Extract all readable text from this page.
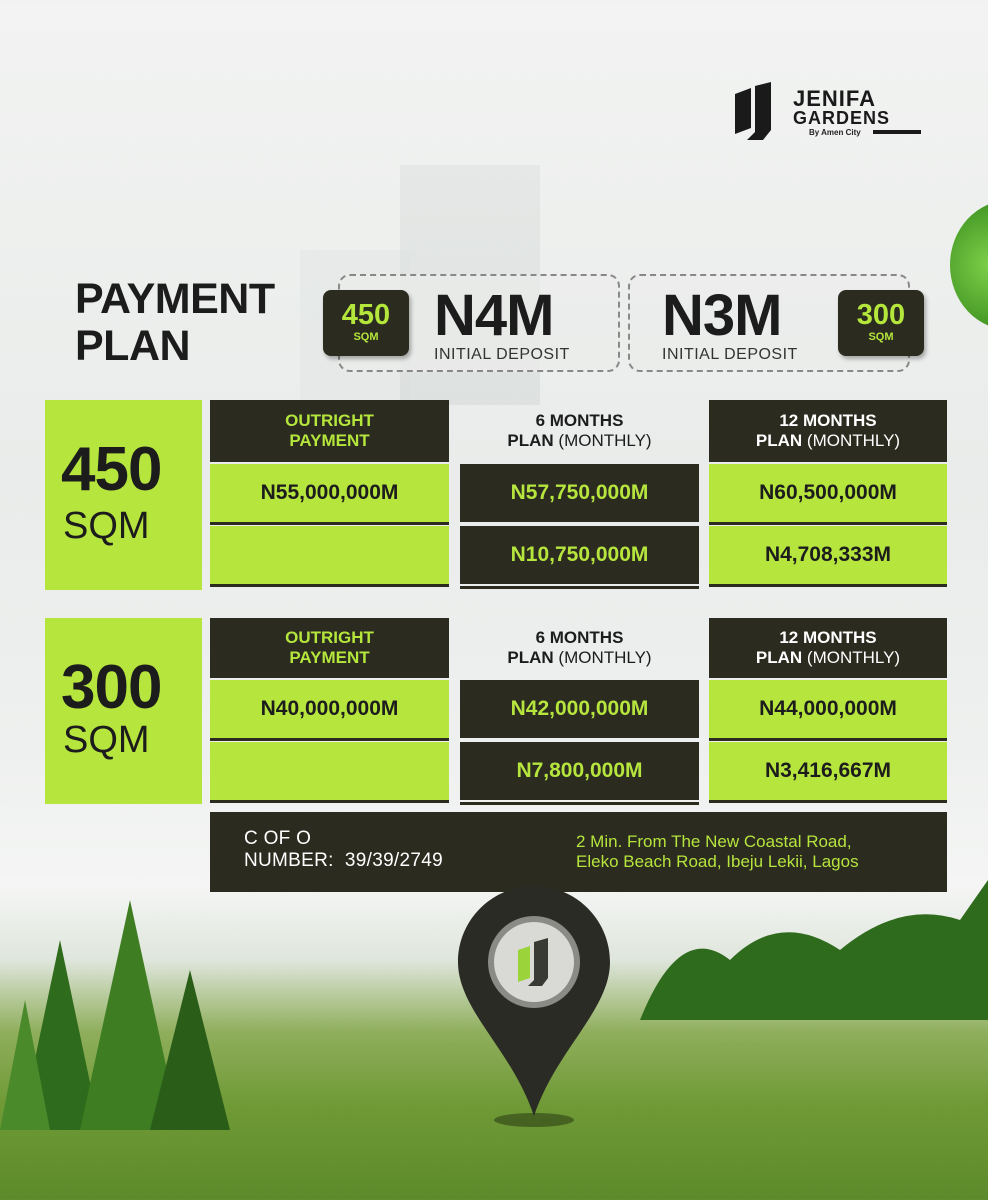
JENIFA
GARDENS
By Amen City
PAYMENT
PLAN	N4M
INITIAL DEPOSIT
450
SQM	N3M
INITIAL DEPOSIT
300
SQM
450
SQM
OUTRIGHT
PAYMENT
N55,000,000M
6 MONTHS
PLAN (MONTHLY)
N57,750,000M
N10,750,000M
12 MONTHS
PLAN (MONTHLY)
N60,500,000M
N4,708,333M
300
SQM
OUTRIGHT
PAYMENT
N40,000,000M
6 MONTHS
PLAN (MONTHLY)
N42,000,000M
N7,800,000M
12 MONTHS
PLAN (MONTHLY)
N44,000,000M
N3,416,667M
C OF O
NUMBER: 39/39/2749
2 Min. From The New Coastal Road,
Eleko Beach Road, Ibeju Lekii, Lagos
